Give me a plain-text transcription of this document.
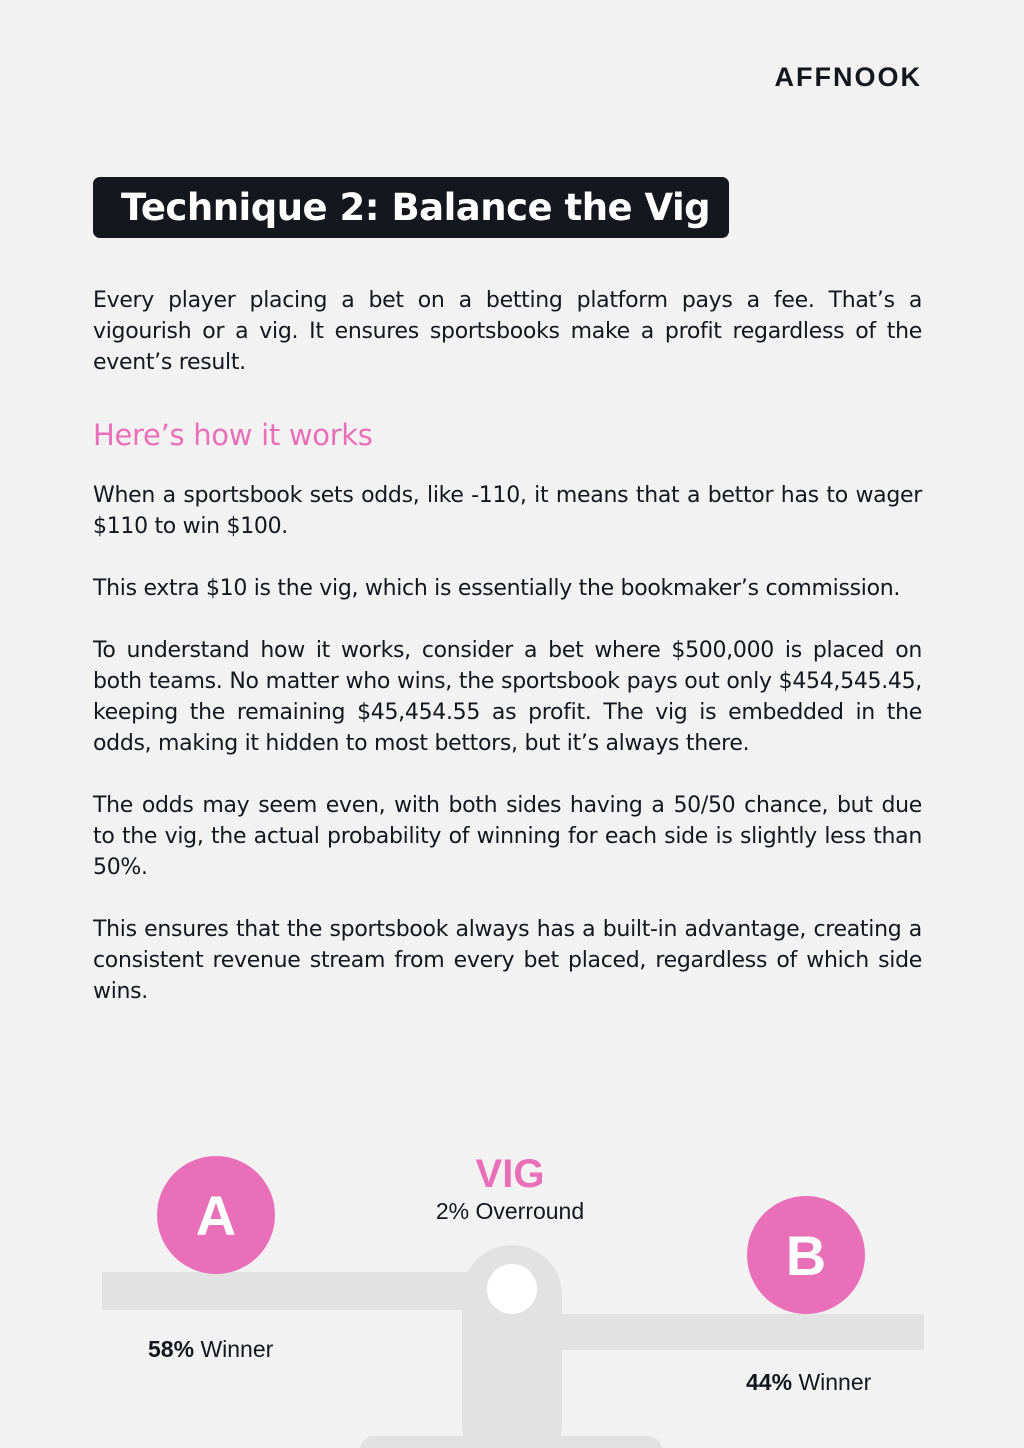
AFFNOOK
Technique 2: Balance the Vig

Every player placing a bet on a betting platform pays a fee. That’s a vigourish or a vig. It ensures sportsbooks make a profit regardless of the event’s result.

Here’s how it works

When a sportsbook sets odds, like -110, it means that a bettor has to wager $110 to win $100.

This extra $10 is the vig, which is essentially the bookmaker’s commission.

To understand how it works, consider a bet where $500,000 is placed on both teams. No matter who wins, the sportsbook pays out only $454,545.45, keeping the remaining $45,454.55 as profit. The vig is embedded in the odds, making it hidden to most bettors, but it’s always there.

The odds may seem even, with both sides having a 50/50 chance, but due to the vig, the actual probability of winning for each side is slightly less than 50%.

This ensures that the sportsbook always has a built-in advantage, creating a consistent revenue stream from every bet placed, regardless of which side wins.

A
B
VIG
2% Overround
58% Winner
44% Winner
